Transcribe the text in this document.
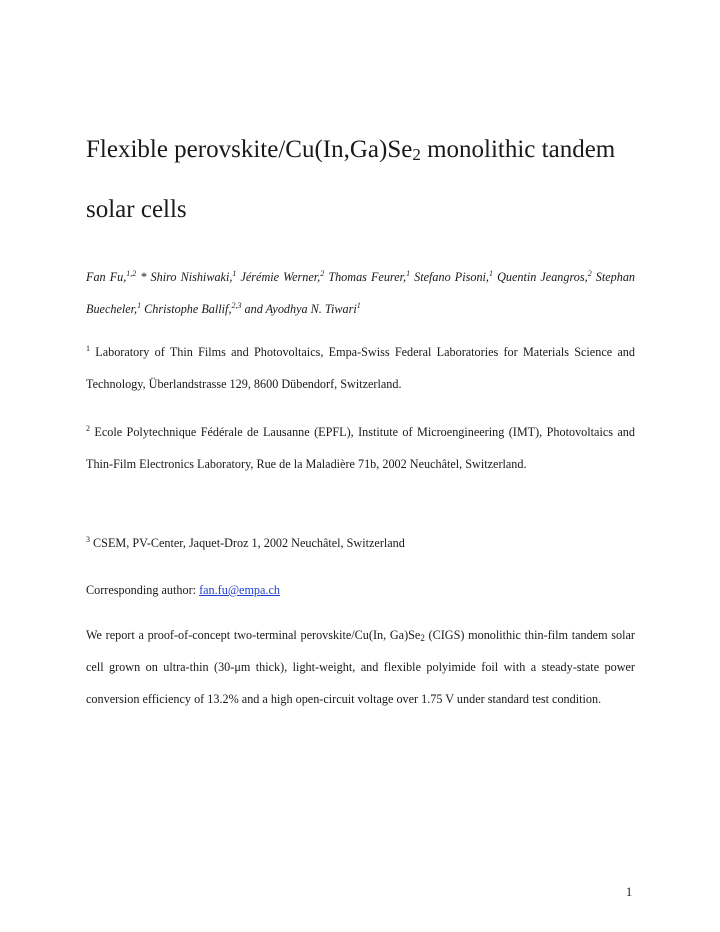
Flexible perovskite/$Cu(In,Ga)Se_2$ monolithic tandem solar cells

Fan Fu,$^{1,2}$ * Shiro Nishiwaki,$^1$ Jérémie Werner,$^2$ Thomas Feurer,$^1$ Stefano Pisoni,$^1$ Quentin Jeangros,$^2$ Stephan Buecheler,$^1$ Christophe Ballif,$^{2,3}$ and Ayodhya N. Tiwari$^1$

$^1$ Laboratory of Thin Films and Photovoltaics, Empa-Swiss Federal Laboratories for Materials Science and Technology, Überlandstrasse 129, 8600 Dübendorf, Switzerland.

$^2$ Ecole Polytechnique Fédérale de Lausanne (EPFL), Institute of Microengineering (IMT), Photovoltaics and Thin-Film Electronics Laboratory, Rue de la Maladière 71b, 2002 Neuchâtel, Switzerland.

$^3$ CSEM, PV-Center, Jaquet-Droz 1, 2002 Neuchâtel, Switzerland

Corresponding author: fan.fu@empa.ch

We report a proof-of-concept two-terminal perovskite/Cu(In, $Ga)Se_2$ (CIGS) monolithic thin-film tandem solar cell grown on ultra-thin (30-μm thick), light-weight, and flexible polyimide foil with a steady-state power conversion efficiency of 13.2% and a high open-circuit voltage over 1.75 V under standard test condition.

1
